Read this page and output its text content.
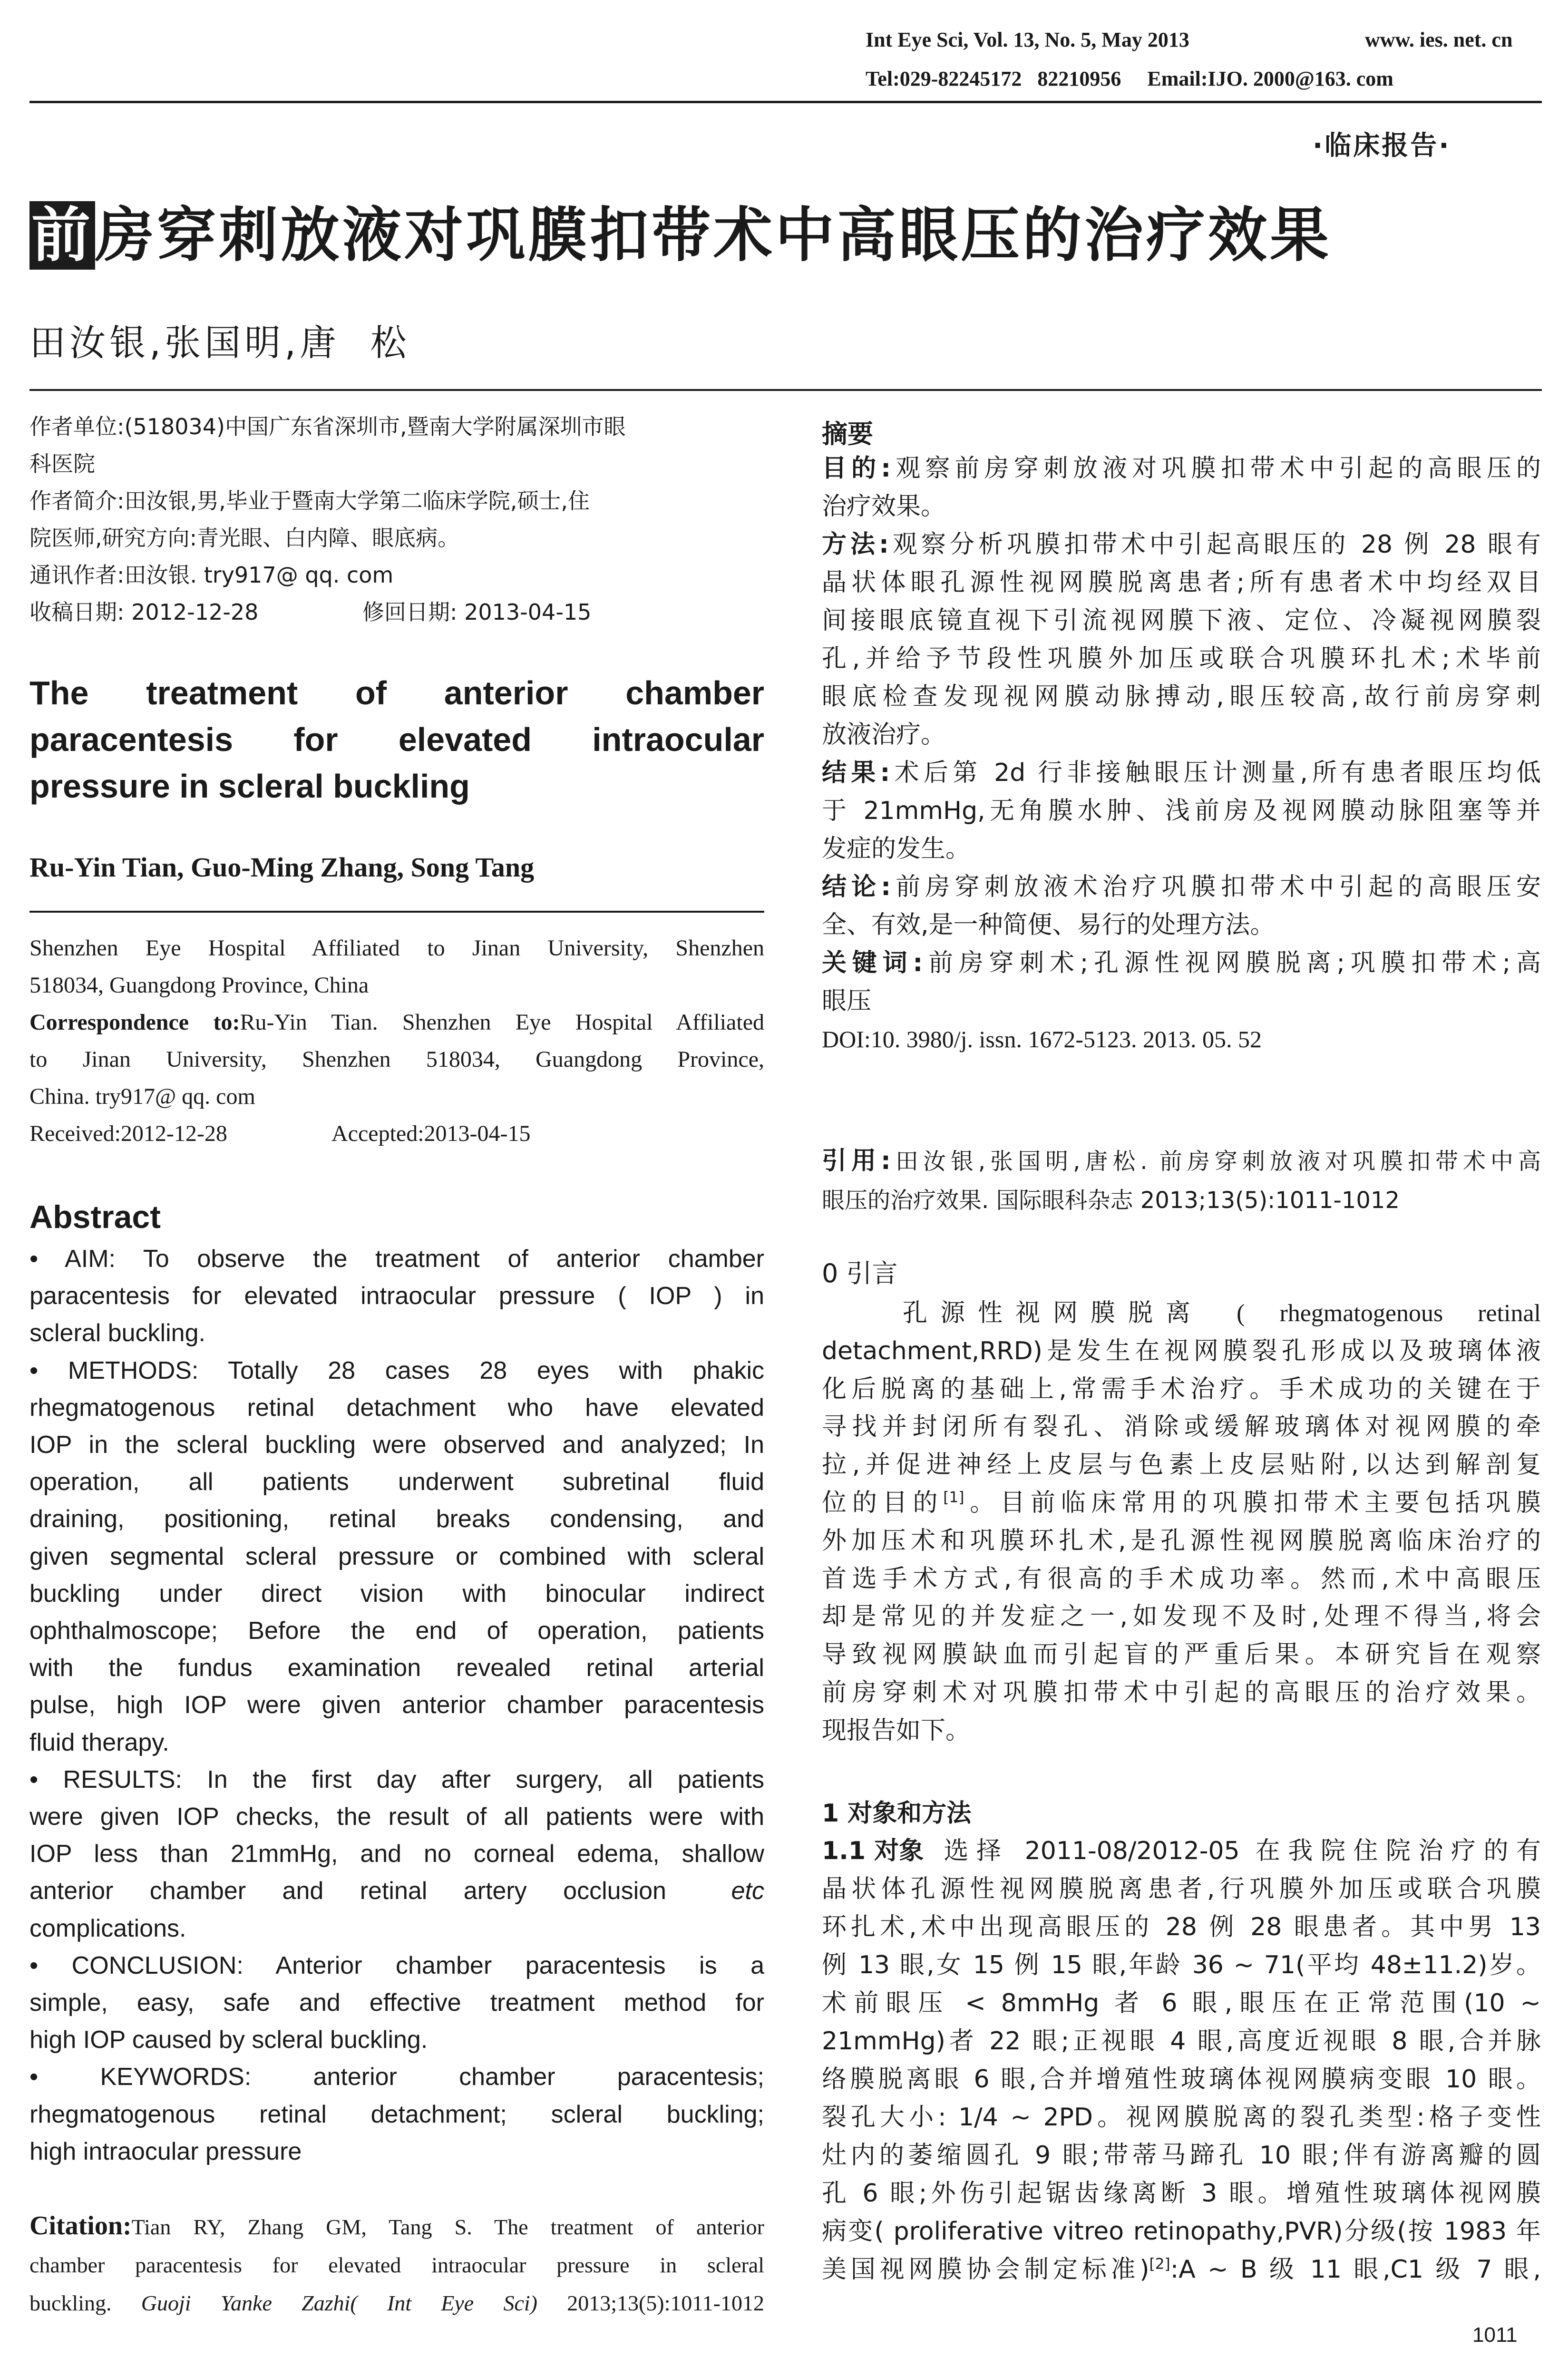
Int Eye Sci, Vol. 13, No. 5, May 2013	www. ies. net. cn
Tel:029-82245172   82210956     Email:IJO. 2000@163. com
·临床报告·
前房穿刺放液对巩膜扣带术中高眼压的治疗效果
田汝银,张国明,唐  松
作者单位:(518034)中国广东省深圳市,暨南大学附属深圳市眼
科医院
作者简介:田汝银,男,毕业于暨南大学第二临床学院,硕士,住
院医师,研究方向:青光眼、白内障、眼底病。
通讯作者:田汝银. try917@ qq. com
收稿日期: 2012-12-28	修回日期: 2013-04-15
The treatment of anterior chamber
paracentesis for elevated intraocular
pressure in scleral buckling
Ru-Yin Tian, Guo-Ming Zhang, Song Tang
Shenzhen Eye Hospital Affiliated to Jinan University, Shenzhen
518034, Guangdong Province, China
Correspondence to:Ru-Yin Tian. Shenzhen Eye Hospital Affiliated
to Jinan University, Shenzhen 518034, Guangdong Province,
China. try917@ qq. com
Received:2012-12-28	Accepted:2013-04-15
Abstract
• AIM: To observe the treatment of anterior chamber
paracentesis for elevated intraocular pressure ( IOP ) in
scleral buckling.
• METHODS: Totally 28 cases 28 eyes with phakic
rhegmatogenous retinal detachment who have elevated
IOP in the scleral buckling were observed and analyzed; In
operation, all patients underwent subretinal fluid
draining, positioning, retinal breaks condensing, and
given segmental scleral pressure or combined with scleral
buckling under direct vision with binocular indirect
ophthalmoscope; Before the end of operation, patients
with the fundus examination revealed retinal arterial
pulse, high IOP were given anterior chamber paracentesis
fluid therapy.
• RESULTS: In the first day after surgery, all patients
were given IOP checks, the result of all patients were with
IOP less than 21mmHg, and no corneal edema, shallow
anterior chamber and retinal artery occlusion	etc
complications.
• CONCLUSION: Anterior chamber paracentesis is a
simple, easy, safe and effective treatment method for
high IOP caused by scleral buckling.
• KEYWORDS: anterior chamber paracentesis;
rhegmatogenous retinal detachment; scleral buckling;
high intraocular pressure
Citation:Tian RY, Zhang GM, Tang S. The treatment of anterior
chamber paracentesis for elevated intraocular pressure in scleral
buckling. Guoji Yanke Zazhi( Int Eye Sci) 2013;13(5):1011-1012
摘要
目的:观察前房穿刺放液对巩膜扣带术中引起的高眼压的
治疗效果。
方法:观察分析巩膜扣带术中引起高眼压的 28 例 28 眼有
晶状体眼孔源性视网膜脱离患者;所有患者术中均经双目
间接眼底镜直视下引流视网膜下液、定位、冷凝视网膜裂
孔,并给予节段性巩膜外加压或联合巩膜环扎术;术毕前
眼底检查发现视网膜动脉搏动,眼压较高,故行前房穿刺
放液治疗。
结果:术后第 2d 行非接触眼压计测量,所有患者眼压均低
于 21mmHg,无角膜水肿、浅前房及视网膜动脉阻塞等并
发症的发生。
结论:前房穿刺放液术治疗巩膜扣带术中引起的高眼压安
全、有效,是一种简便、易行的处理方法。
关键词:前房穿刺术;孔源性视网膜脱离;巩膜扣带术;高
眼压
DOI:10. 3980/j. issn. 1672-5123. 2013. 05. 52
引用:田汝银,张国明,唐松. 前房穿刺放液对巩膜扣带术中高
眼压的治疗效果. 国际眼科杂志 2013;13(5):1011-1012
0 引言
孔源性视网膜脱离 ( rhegmatogenous retinal
detachment,RRD)是发生在视网膜裂孔形成以及玻璃体液
化后脱离的基础上,常需手术治疗。手术成功的关键在于
寻找并封闭所有裂孔、消除或缓解玻璃体对视网膜的牵
拉,并促进神经上皮层与色素上皮层贴附,以达到解剖复
位的目的[1]。目前临床常用的巩膜扣带术主要包括巩膜
外加压术和巩膜环扎术,是孔源性视网膜脱离临床治疗的
首选手术方式,有很高的手术成功率。然而,术中高眼压
却是常见的并发症之一,如发现不及时,处理不得当,将会
导致视网膜缺血而引起盲的严重后果。本研究旨在观察
前房穿刺术对巩膜扣带术中引起的高眼压的治疗效果。
现报告如下。
1 对象和方法
1.1 对象 选择 2011-08/2012-05 在我院住院治疗的有
晶状体孔源性视网膜脱离患者,行巩膜外加压或联合巩膜
环扎术,术中出现高眼压的 28 例 28 眼患者。其中男 13
例 13 眼,女 15 例 15 眼,年龄 36 ~ 71(平均 48±11.2)岁。
术前眼压 < 8mmHg 者 6 眼,眼压在正常范围(10 ~
21mmHg)者 22 眼;正视眼 4 眼,高度近视眼 8 眼,合并脉
络膜脱离眼 6 眼,合并增殖性玻璃体视网膜病变眼 10 眼。
裂孔大小: 1/4 ~ 2PD。视网膜脱离的裂孔类型:格子变性
灶内的萎缩圆孔 9 眼;带蒂马蹄孔 10 眼;伴有游离瓣的圆
孔 6 眼;外伤引起锯齿缘离断 3 眼。增殖性玻璃体视网膜
病变( proliferative vitreo retinopathy,PVR)分级(按 1983 年
美国视网膜协会制定标准)[2]:A ~ B 级 11 眼,C1 级 7 眼,
1011
